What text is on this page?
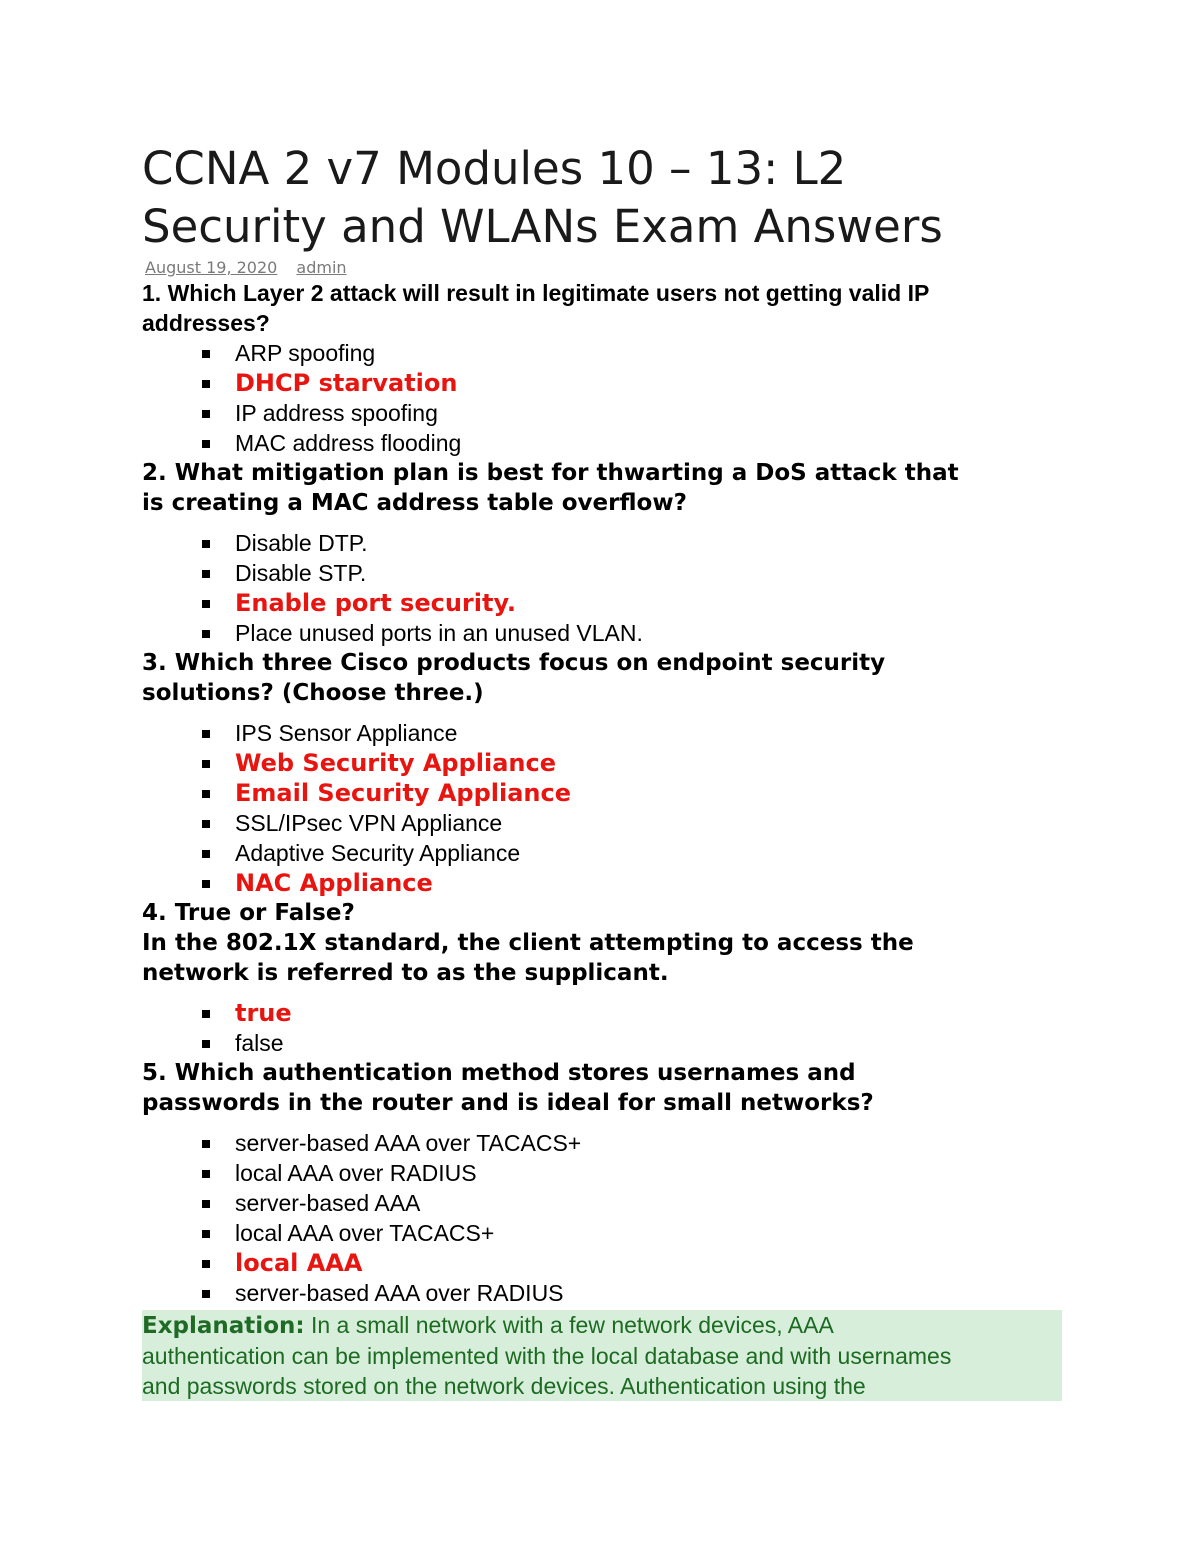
CCNA 2 v7 Modules 10 – 13: L2
Security and WLANs Exam Answers
August 19, 2020 admin

1. Which Layer 2 attack will result in legitimate users not getting valid IP addresses?

ARP spoofing
DHCP starvation
IP address spoofing
MAC address flooding

2. What mitigation plan is best for thwarting a DoS attack that
is creating a MAC address table overflow?

Disable DTP.
Disable STP.
Enable port security.
Place unused ports in an unused VLAN.

3. Which three Cisco products focus on endpoint security
solutions? (Choose three.)

IPS Sensor Appliance
Web Security Appliance
Email Security Appliance
SSL/IPsec VPN Appliance
Adaptive Security Appliance
NAC Appliance

4. True or False?
In the 802.1X standard, the client attempting to access the
network is referred to as the supplicant.

true
false

5. Which authentication method stores usernames and
passwords in the router and is ideal for small networks?

server-based AAA over TACACS+
local AAA over RADIUS
server-based AAA
local AAA over TACACS+
local AAA
server-based AAA over RADIUS
Explanation: In a small network with a few network devices, AAA
authentication can be implemented with the local database and with usernames
and passwords stored on the network devices. Authentication using the
